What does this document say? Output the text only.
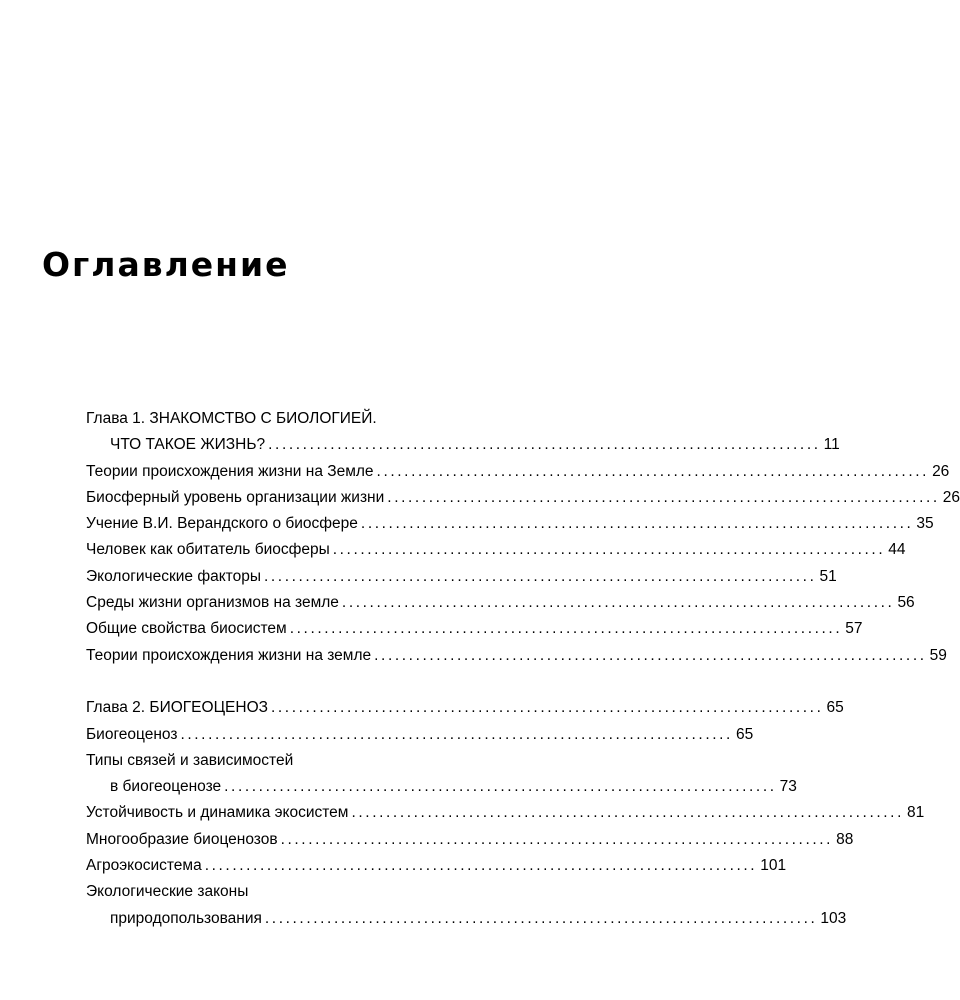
Оглавление
Глава 1. ЗНАКОМСТВО С БИОЛОГИЕЙ.
ЧТО ТАКОЕ ЖИЗНЬ? ................................................................................ 11
Теории происхождения жизни на Земле ................................................................................ 26
Биосферный уровень организации жизни ................................................................................ 26
Учение В.И. Верандского о биосфере ................................................................................ 35
Человек как обитатель биосферы ................................................................................ 44
Экологические факторы ................................................................................ 51
Среды жизни организмов на земле ................................................................................ 56
Общие свойства биосистем ................................................................................ 57
Теории происхождения жизни на земле ................................................................................ 59
Глава 2. БИОГЕОЦЕНОЗ ................................................................................ 65
Биогеоценоз ................................................................................ 65
Типы связей и зависимостей
в биогеоценозе ................................................................................ 73
Устойчивость и динамика экосистем ................................................................................ 81
Многообразие биоценозов ................................................................................ 88
Агроэкосистема ................................................................................ 101
Экологические законы
природопользования ................................................................................ 103
